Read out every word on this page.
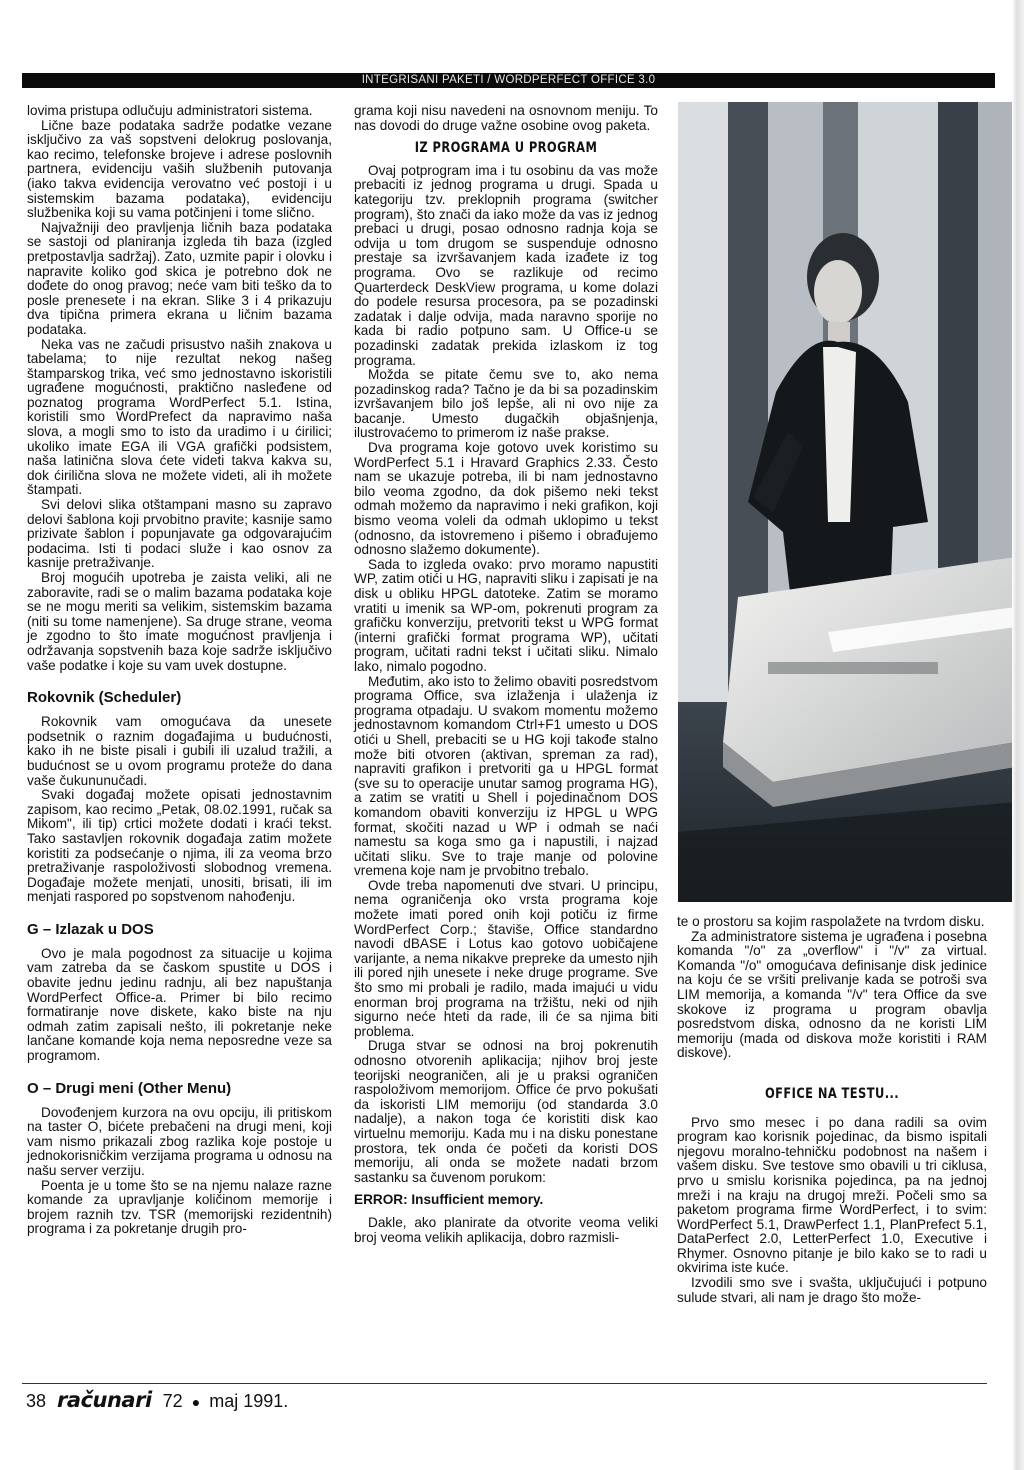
INTEGRISANI PAKETI / WORDPERFECT OFFICE 3.0

lovima pristupa odlučuju administratori sistema.

Lične baze podataka sadrže podatke vezane isključivo za vaš sopstveni delokrug poslovanja, kao recimo, telefonske brojeve i adrese poslovnih partnera, evidenciju vaših službenih putovanja (iako takva evidencija verovatno već postoji i u sistemskim bazama podataka), evidenciju službenika koji su vama potčinjeni i tome slično.

Najvažniji deo pravljenja ličnih baza podataka se sastoji od planiranja izgleda tih baza (izgled pretpostavlja sadržaj). Zato, uzmite papir i olovku i napravite koliko god skica je potrebno dok ne dođete do onog pravog; neće vam biti teško da to posle prenesete i na ekran. Slike 3 i 4 prikazuju dva tipična primera ekrana u ličnim bazama podataka.

Neka vas ne začudi prisustvo naših znakova u tabelama; to nije rezultat nekog našeg štamparskog trika, već smo jednostavno iskoristili ugrađene mogućnosti, praktično nasleđene od poznatog programa WordPerfect 5.1. Istina, koristili smo WordPrefect da napravimo naša slova, a mogli smo to isto da uradimo i u ćirilici; ukoliko imate EGA ili VGA grafički podsistem, naša latinična slova ćete videti takva kakva su, dok ćirilična slova ne možete videti, ali ih možete štampati.

Svi delovi slika otštampani masno su zapravo delovi šablona koji prvobitno pravite; kasnije samo prizivate šablon i popunjavate ga odgovarajućim podacima. Isti ti podaci služe i kao osnov za kasnije pretraživanje.

Broj mogućih upotreba je zaista veliki, ali ne zaboravite, radi se o malim bazama podataka koje se ne mogu meriti sa velikim, sistemskim bazama (niti su tome namenjene). Sa druge strane, veoma je zgodno to što imate mogućnost pravljenja i održavanja sopstvenih baza koje sadrže isključivo vaše podatke i koje su vam uvek dostupne.

Rokovnik (Scheduler)

Rokovnik vam omogućava da unesete podsetnik o raznim događajima u budućnosti, kako ih ne biste pisali i gubili ili uzalud tražili, a budućnost se u ovom programu proteže do dana vaše čukununučadi.

Svaki događaj možete opisati jednostavnim zapisom, kao recimo „Petak, 08.02.1991, ručak sa Mikom", ili tip) crtici možete dodati i kraći tekst. Tako sastavljen rokovnik događaja zatim možete koristiti za podsećanje o njima, ili za veoma brzo pretraživanje raspoloživosti slobodnog vremena. Događaje možete menjati, unositi, brisati, ili im menjati raspored po sopstvenom nahođenju.

G – Izlazak u DOS

Ovo je mala pogodnost za situacije u kojima vam zatreba da se časkom spustite u DOS i obavite jednu jedinu radnju, ali bez napuštanja WordPerfect Office-a. Primer bi bilo recimo formatiranje nove diskete, kako biste na nju odmah zatim zapisali nešto, ili pokretanje neke lančane komande koja nema neposredne veze sa programom.

O – Drugi meni (Other Menu)

Dovođenjem kurzora na ovu opciju, ili pritiskom na taster O, bićete prebačeni na drugi meni, koji vam nismo prikazali zbog razlika koje postoje u jednokorisničkim verzijama programa u odnosu na našu server verziju.

Poenta je u tome što se na njemu nalaze razne komande za upravljanje količinom memorije i brojem raznih tzv. TSR (memorijski rezidentnih) programa i za pokretanje drugih pro-

grama koji nisu navedeni na osnovnom meniju. To nas dovodi do druge važne osobine ovog paketa.

IZ PROGRAMA U PROGRAM

Ovaj potprogram ima i tu osobinu da vas može prebaciti iz jednog programa u drugi. Spada u kategoriju tzv. preklopnih programa (switcher program), što znači da iako može da vas iz jednog prebaci u drugi, posao odnosno radnja koja se odvija u tom drugom se suspenduje odnosno prestaje sa izvršavanjem kada izađete iz tog programa. Ovo se razlikuje od recimo Quarterdeck DeskView programa, u kome dolazi do podele resursa procesora, pa se pozadinski zadatak i dalje odvija, mada naravno sporije no kada bi radio potpuno sam. U Office-u se pozadinski zadatak prekida izlaskom iz tog programa.

Možda se pitate čemu sve to, ako nema pozadinskog rada? Tačno je da bi sa pozadinskim izvršavanjem bilo još lepše, ali ni ovo nije za bacanje. Umesto dugačkih objašnjenja, ilustrovaćemo to primerom iz naše prakse.

Dva programa koje gotovo uvek koristimo su WordPerfect 5.1 i Hravard Graphics 2.33. Često nam se ukazuje potreba, ili bi nam jednostavno bilo veoma zgodno, da dok pišemo neki tekst odmah možemo da napravimo i neki grafikon, koji bismo veoma voleli da odmah uklopimo u tekst (odnosno, da istovremeno i pišemo i obrađujemo odnosno slažemo dokumente).

Sada to izgleda ovako: prvo moramo napustiti WP, zatim otići u HG, napraviti sliku i zapisati je na disk u obliku HPGL datoteke. Zatim se moramo vratiti u imenik sa WP-om, pokrenuti program za grafičku konverziju, pretvoriti tekst u WPG format (interni grafički format programa WP), učitati program, učitati radni tekst i učitati sliku. Nimalo lako, nimalo pogodno.

Međutim, ako isto to želimo obaviti posredstvom programa Office, sva izlaženja i ulaženja iz programa otpadaju. U svakom momentu možemo jednostavnom komandom Ctrl+F1 umesto u DOS otići u Shell, prebaciti se u HG koji takođe stalno može biti otvoren (aktivan, spreman za rad), napraviti grafikon i pretvoriti ga u HPGL format (sve su to operacije unutar samog programa HG), a zatim se vratiti u Shell i pojedinačnom DOS komandom obaviti konverziju iz HPGL u WPG format, skočiti nazad u WP i odmah se naći namestu sa koga smo ga i napustili, i najzad učitati sliku. Sve to traje manje od polovine vremena koje nam je prvobitno trebalo.

Ovde treba napomenuti dve stvari. U principu, nema ograničenja oko vrsta programa koje možete imati pored onih koji potiču iz firme WordPerfect Corp.; štaviše, Office standardno navodi dBASE i Lotus kao gotovo uobičajene varijante, a nema nikakve prepreke da umesto njih ili pored njih unesete i neke druge programe. Sve što smo mi probali je radilo, mada imajući u vidu enorman broj programa na tržištu, neki od njih sigurno neće hteti da rade, ili će sa njima biti problema.

Druga stvar se odnosi na broj pokrenutih odnosno otvorenih aplikacija; njihov broj jeste teorijski neograničen, ali je u praksi ograničen raspoloživom memorijom. Office će prvo pokušati da iskoristi LIM memoriju (od standarda 3.0 nadalje), a nakon toga će koristiti disk kao virtuelnu memoriju. Kada mu i na disku ponestane prostora, tek onda će početi da koristi DOS memoriju, ali onda se možete nadati brzom sastanku sa čuvenom porukom:

ERROR: Insufficient memory.

Dakle, ako planirate da otvorite veoma veliki broj veoma velikih aplikacija, dobro razmisli-

te o prostoru sa kojim raspolažete na tvrdom disku.

Za administratore sistema je ugrađena i posebna komanda "/o" za „overflow" i "/v" za virtual. Komanda "/o" omogućava definisanje disk jedinice na koju će se vršiti prelivanje kada se potroši sva LIM memorija, a komanda "/v" tera Office da sve skokove iz programa u program obavlja posredstvom diska, odnosno da ne koristi LIM memoriju (mada od diskova može koristiti i RAM diskove).

OFFICE NA TESTU...

Prvo smo mesec i po dana radili sa ovim program kao korisnik pojedinac, da bismo ispitali njegovu moralno-tehničku podobnost na našem i vašem disku. Sve testove smo obavili u tri ciklusa, prvo u smislu korisnika pojedinca, pa na jednoj mreži i na kraju na drugoj mreži. Počeli smo sa paketom programa firme WordPerfect, i to svim: WordPerfect 5.1, DrawPerfect 1.1, PlanPrefect 5.1, DataPerfect 2.0, LetterPerfect 1.0, Executive i Rhymer. Osnovno pitanje je bilo kako se to radi u okvirima iste kuće.

Izvodili smo sve i svašta, uključujući i potpuno sulude stvari, ali nam je drago što može-

38 računari 72 ● maj 1991.
